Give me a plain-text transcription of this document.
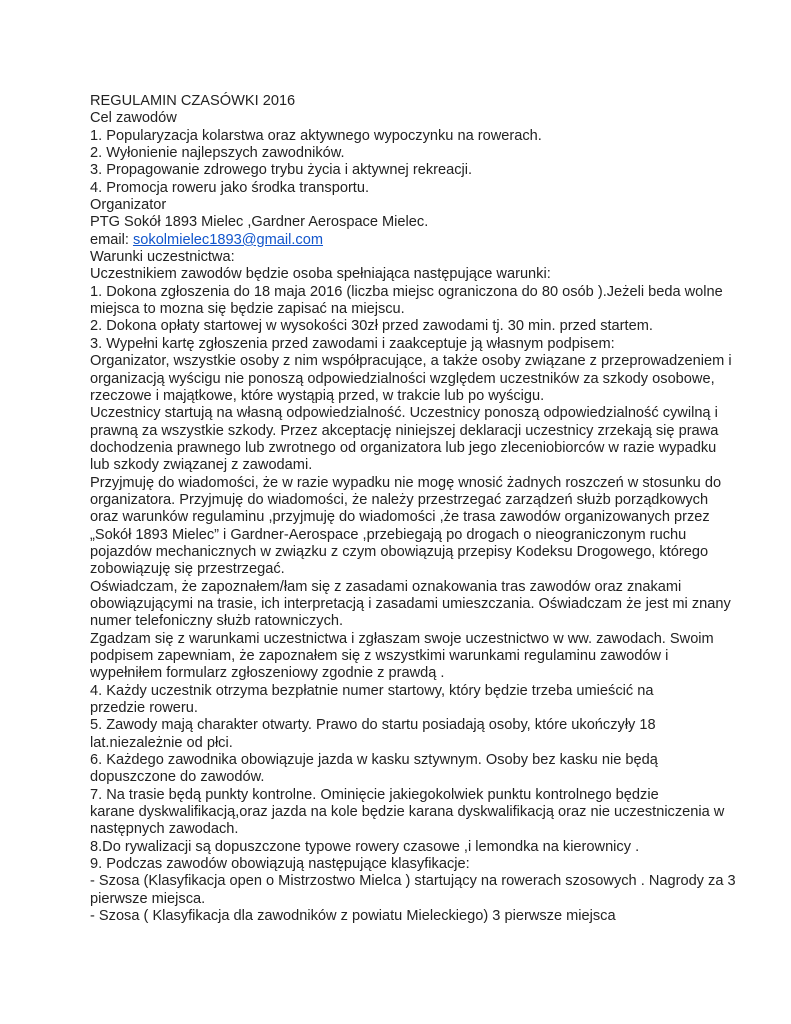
REGULAMIN CZASÓWKI 2016
Cel zawodów
1. Popularyzacja kolarstwa oraz aktywnego wypoczynku na rowerach.
2. Wyłonienie najlepszych zawodników.
3. Propagowanie zdrowego trybu życia i aktywnej rekreacji.
4. Promocja roweru jako środka transportu.
Organizator
PTG Sokół 1893 Mielec ,Gardner Aerospace Mielec.
email: sokolmielec1893@gmail.com
Warunki uczestnictwa:
Uczestnikiem zawodów będzie osoba spełniająca następujące warunki:
1. Dokona zgłoszenia do 18 maja 2016 (liczba miejsc ograniczona do 80 osób ).Jeżeli beda wolne
miejsca to mozna się będzie zapisać na miejscu.
2. Dokona opłaty startowej w wysokości 30zł przed zawodami tj. 30 min. przed startem.
3. Wypełni kartę zgłoszenia przed zawodami i zaakceptuje ją własnym podpisem:
Organizator, wszystkie osoby z nim współpracujące, a także osoby związane z przeprowadzeniem i
organizacją wyścigu nie ponoszą odpowiedzialności względem uczestników za szkody osobowe,
rzeczowe i majątkowe, które wystąpią przed, w trakcie lub po wyścigu.
Uczestnicy startują na własną odpowiedzialność. Uczestnicy ponoszą odpowiedzialność cywilną i
prawną za wszystkie szkody. Przez akceptację niniejszej deklaracji uczestnicy zrzekają się prawa
dochodzenia prawnego lub zwrotnego od organizatora lub jego zleceniobiorców w razie wypadku
lub szkody związanej z zawodami.
Przyjmuję do wiadomości, że w razie wypadku nie mogę wnosić żadnych roszczeń w stosunku do
organizatora. Przyjmuję do wiadomości, że należy przestrzegać zarządzeń służb porządkowych
oraz warunków regulaminu ,przyjmuję do wiadomości ,że trasa zawodów organizowanych przez
„Sokół 1893 Mielec” i Gardner-Aerospace ,przebiegają po drogach o nieograniczonym ruchu
pojazdów mechanicznych w związku z czym obowiązują przepisy Kodeksu Drogowego, którego
zobowiązuję się przestrzegać.
Oświadczam, że zapoznałem/łam się z zasadami oznakowania tras zawodów oraz znakami
obowiązującymi na trasie, ich interpretacją i zasadami umieszczania. Oświadczam że jest mi znany
numer telefoniczny służb ratowniczych.
Zgadzam się z warunkami uczestnictwa i zgłaszam swoje uczestnictwo w ww. zawodach. Swoim
podpisem zapewniam, że zapoznałem się z wszystkimi warunkami regulaminu zawodów i
wypełniłem formularz zgłoszeniowy zgodnie z prawdą .
4. Każdy uczestnik otrzyma bezpłatnie numer startowy, który będzie trzeba umieścić na
przedzie roweru.
5. Zawody mają charakter otwarty. Prawo do startu posiadają osoby, które ukończyły 18
lat.niezależnie od płci.
6. Każdego zawodnika obowiązuje jazda w kasku sztywnym. Osoby bez kasku nie będą
dopuszczone do zawodów.
7. Na trasie będą punkty kontrolne. Ominięcie jakiegokolwiek punktu kontrolnego będzie
karane dyskwalifikacją,oraz jazda na kole będzie karana dyskwalifikacją oraz nie uczestniczenia w
następnych zawodach.
8.Do rywalizacji są dopuszczone typowe rowery czasowe ,i lemondka na kierownicy .
9. Podczas zawodów obowiązują następujące klasyfikacje:
- Szosa (Klasyfikacja open o Mistrzostwo Mielca ) startujący na rowerach szosowych . Nagrody za 3
pierwsze miejsca.
- Szosa ( Klasyfikacja dla zawodników z powiatu Mieleckiego) 3 pierwsze miejsca
